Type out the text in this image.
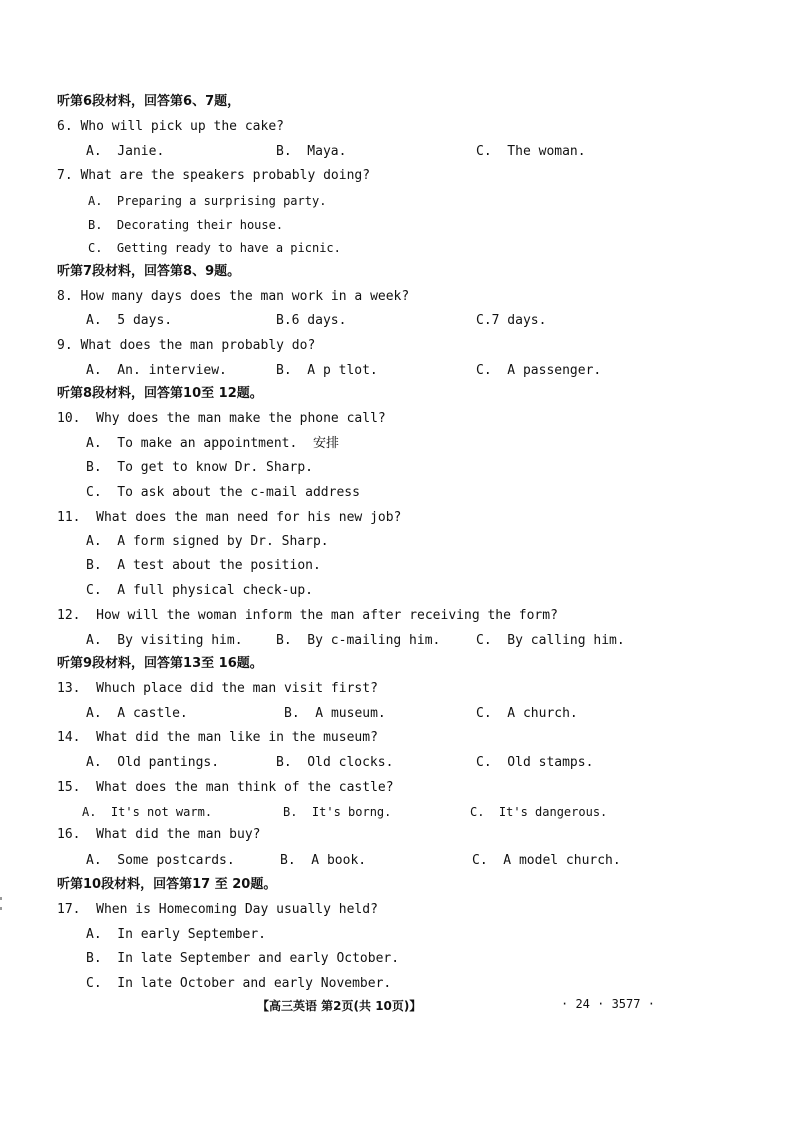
听第6段材料，回答第6、7题，
6. Who will pick up the cake?
A.  Janie.	B.  Maya.	C.  The woman.
7. What are the speakers probably doing?
A.  Preparing a surprising party.
B.  Decorating their house.
C.  Getting ready to have a picnic.
听第7段材料，回答第8、9题。
8. How many days does the man work in a week?
A.  5 days.	B.6 days.	C.7 days.
9. What does the man probably do?
A.  An. interview.	B.  A p tlot.	C.  A passenger.
听第8段材料，回答第10至 12题。
10.  Why does the man make the phone call?
A.  To make an appointment.  安排
B.  To get to know Dr. Sharp.
C.  To ask about the c-mail address
11.  What does the man need for his new job?
A.  A form signed by Dr. Sharp.
B.  A test about the position.
C.  A full physical check-up.
12.  How will the woman inform the man after receiving the form?
A.  By visiting him.	B.  By c-mailing him.	C.  By calling him.
听第9段材料，回答第13至 16题。
13.  Whuch place did the man visit first?
A.  A castle.	B.  A museum.	C.  A church.
14.  What did the man like in the museum?
A.  Old pantings.	B.  Old clocks.	C.  Old stamps.
15.  What does the man think of the castle?
A.  It's not warm.	B.  It's borng.	C.  It's dangerous.
16.  What did the man buy?
A.  Some postcards.	B.  A book.	C.  A model church.
听第10段材料，回答第17 至 20题。
17.  When is Homecoming Day usually held?
A.  In early September.
B.  In late September and early October.
C.  In late October and early November.
【高三英语 第2页(共 10页)】	· 24 · 3577 ·
